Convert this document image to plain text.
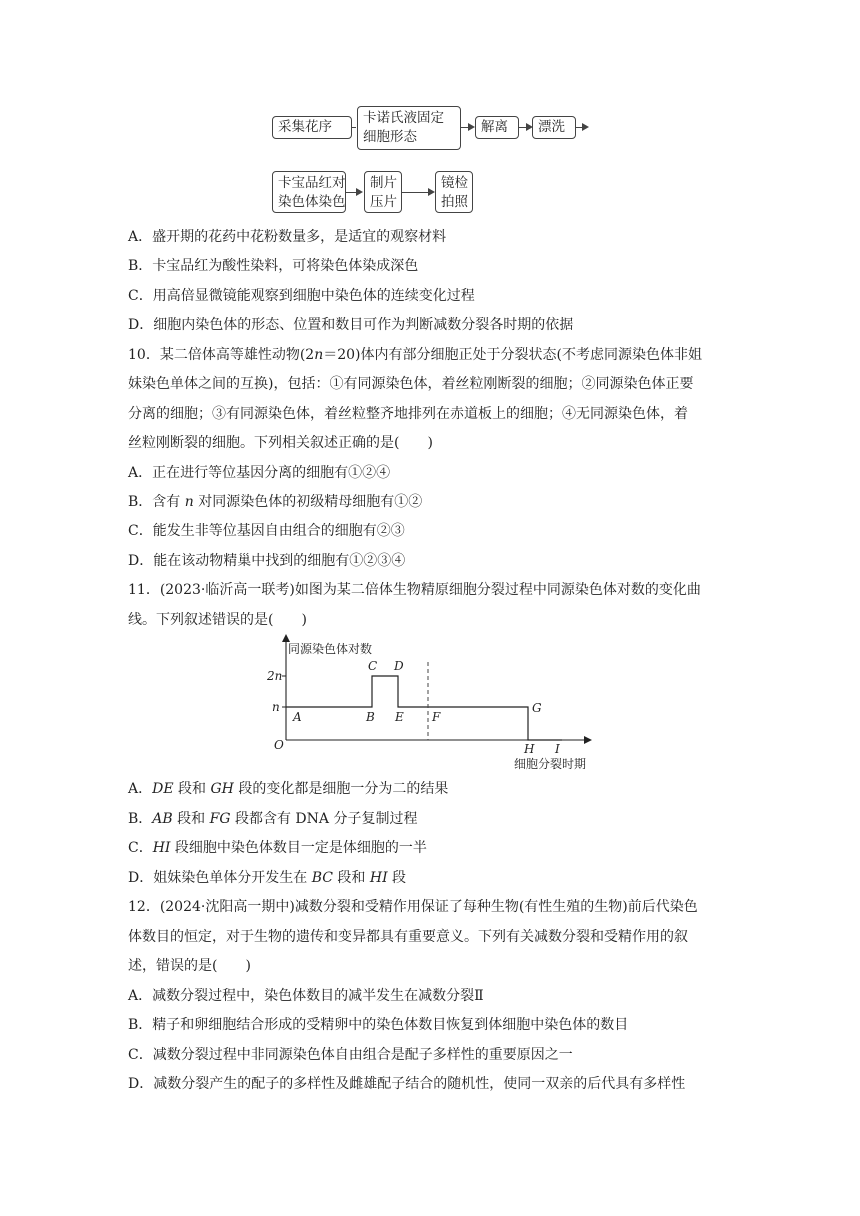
采集花序
卡诺氏液固定
细胞形态
解离	漂洗
卡宝品红对
染色体染色
制片
压片
镜检
拍照
A．盛开期的花药中花粉数量多，是适宜的观察材料
B．卡宝品红为酸性染料，可将染色体染成深色
C．用高倍显微镜能观察到细胞中染色体的连续变化过程
D．细胞内染色体的形态、位置和数目可作为判断减数分裂各时期的依据
10．某二倍体高等雄性动物(2n＝20)体内有部分细胞正处于分裂状态(不考虑同源染色体非姐
妹染色单体之间的互换)，包括：①有同源染色体，着丝粒刚断裂的细胞；②同源染色体正要
分离的细胞；③有同源染色体，着丝粒整齐地排列在赤道板上的细胞；④无同源染色体，着
丝粒刚断裂的细胞。下列相关叙述正确的是(　　)
A．正在进行等位基因分离的细胞有①②④
B．含有 n 对同源染色体的初级精母细胞有①②
C．能发生非等位基因自由组合的细胞有②③
D．能在该动物精巢中找到的细胞有①②③④
11．(2023·临沂高一联考)如图为某二倍体生物精原细胞分裂过程中同源染色体对数的变化曲
线。下列叙述错误的是(　　)
同源染色体对数
2n
n
O
A	B
C D
E F
G
H I
细胞分裂时期
A．DE 段和 GH 段的变化都是细胞一分为二的结果
B．AB 段和 FG 段都含有 DNA 分子复制过程
C．HI 段细胞中染色体数目一定是体细胞的一半
D．姐妹染色单体分开发生在 BC 段和 HI 段
12．(2024·沈阳高一期中)减数分裂和受精作用保证了每种生物(有性生殖的生物)前后代染色
体数目的恒定，对于生物的遗传和变异都具有重要意义。下列有关减数分裂和受精作用的叙
述，错误的是(　　)
A．减数分裂过程中，染色体数目的减半发生在减数分裂Ⅱ
B．精子和卵细胞结合形成的受精卵中的染色体数目恢复到体细胞中染色体的数目
C．减数分裂过程中非同源染色体自由组合是配子多样性的重要原因之一
D．减数分裂产生的配子的多样性及雌雄配子结合的随机性，使同一双亲的后代具有多样性
